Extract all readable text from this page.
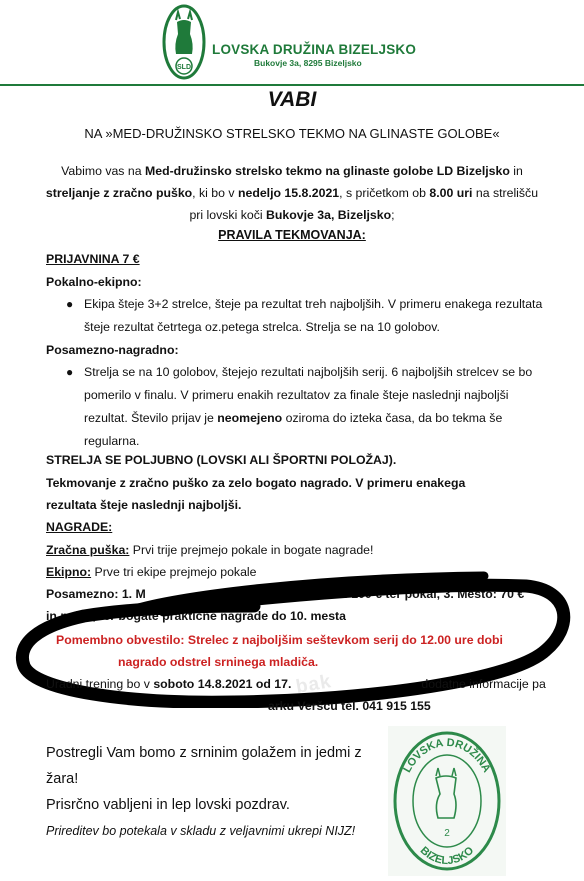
SLD
LOVSKA DRUŽINA BIZELJSKO
Bukovje 3a, 8295 Bizeljsko
VABI
NA »MED-DRUŽINSKO STRELSKO TEKMO NA GLINASTE GOLOBE«
Vabimo vas na Med-družinsko strelsko tekmo na glinaste golobe LD Bizeljsko in streljanje z zračno puško, ki bo v nedeljo 15.8.2021, s pričetkom ob 8.00 uri na strelišču pri lovski koči Bukovje 3a, Bizeljsko;
PRAVILA TEKMOVANJA:
PRIJAVNINA 7 €
Pokalno-ekipno:
● Ekipa šteje 3+2 strelce, šteje pa rezultat treh najboljših. V primeru enakega rezultata šteje rezultat četrtega oz.petega strelca. Strelja se na 10 golobov.
Posamezno-nagradno:
● Strelja se na 10 golobov, štejejo rezultati najboljših serij. 6 najboljših strelcev se bo pomerilo v finalu. V primeru enakih rezultatov za finale šteje naslednji najboljši rezultat. Število prijav je neomejeno oziroma do izteka časa, da bo tekma še regularna.
STRELJA SE POLJUBNO (LOVSKI ALI ŠPORTNI POLOŽAJ).
Tekmovanje z zračno puško za zelo bogato nagrado. V primeru enakega
rezultata šteje naslednji najboljši.
NAGRADE:
Zračna puška: Prvi trije prejmejo pokale in bogate nagrade!
Ekipno: Prve tri ekipe prejmejo pokale
Posamezno: 1. M	ter pokal; 2. Mesto: 100 € ter pokal, 3. Mesto: 70 €
in pokal, ter bogate praktične nagrade do 10. mesta
Pomembno obvestilo: Strelec z najboljšim seštevkom serij do 12.00 ure dobi
nagrado odstrel srninega mladiča.
Uradni trening bo v soboto 14.8.2021 od 17.	dodatne informacije pa
arku Veršcu tel. 041 915 155
bak
Postregli Vam bomo z srninim golažem in jedmi z
žara!
Prisrčno vabljeni in lep lovski pozdrav.
Prireditev bo potekala v skladu z veljavnimi ukrepi NIJZ!
LOVSKA DRUŽINA
BIZELJSKO
2
